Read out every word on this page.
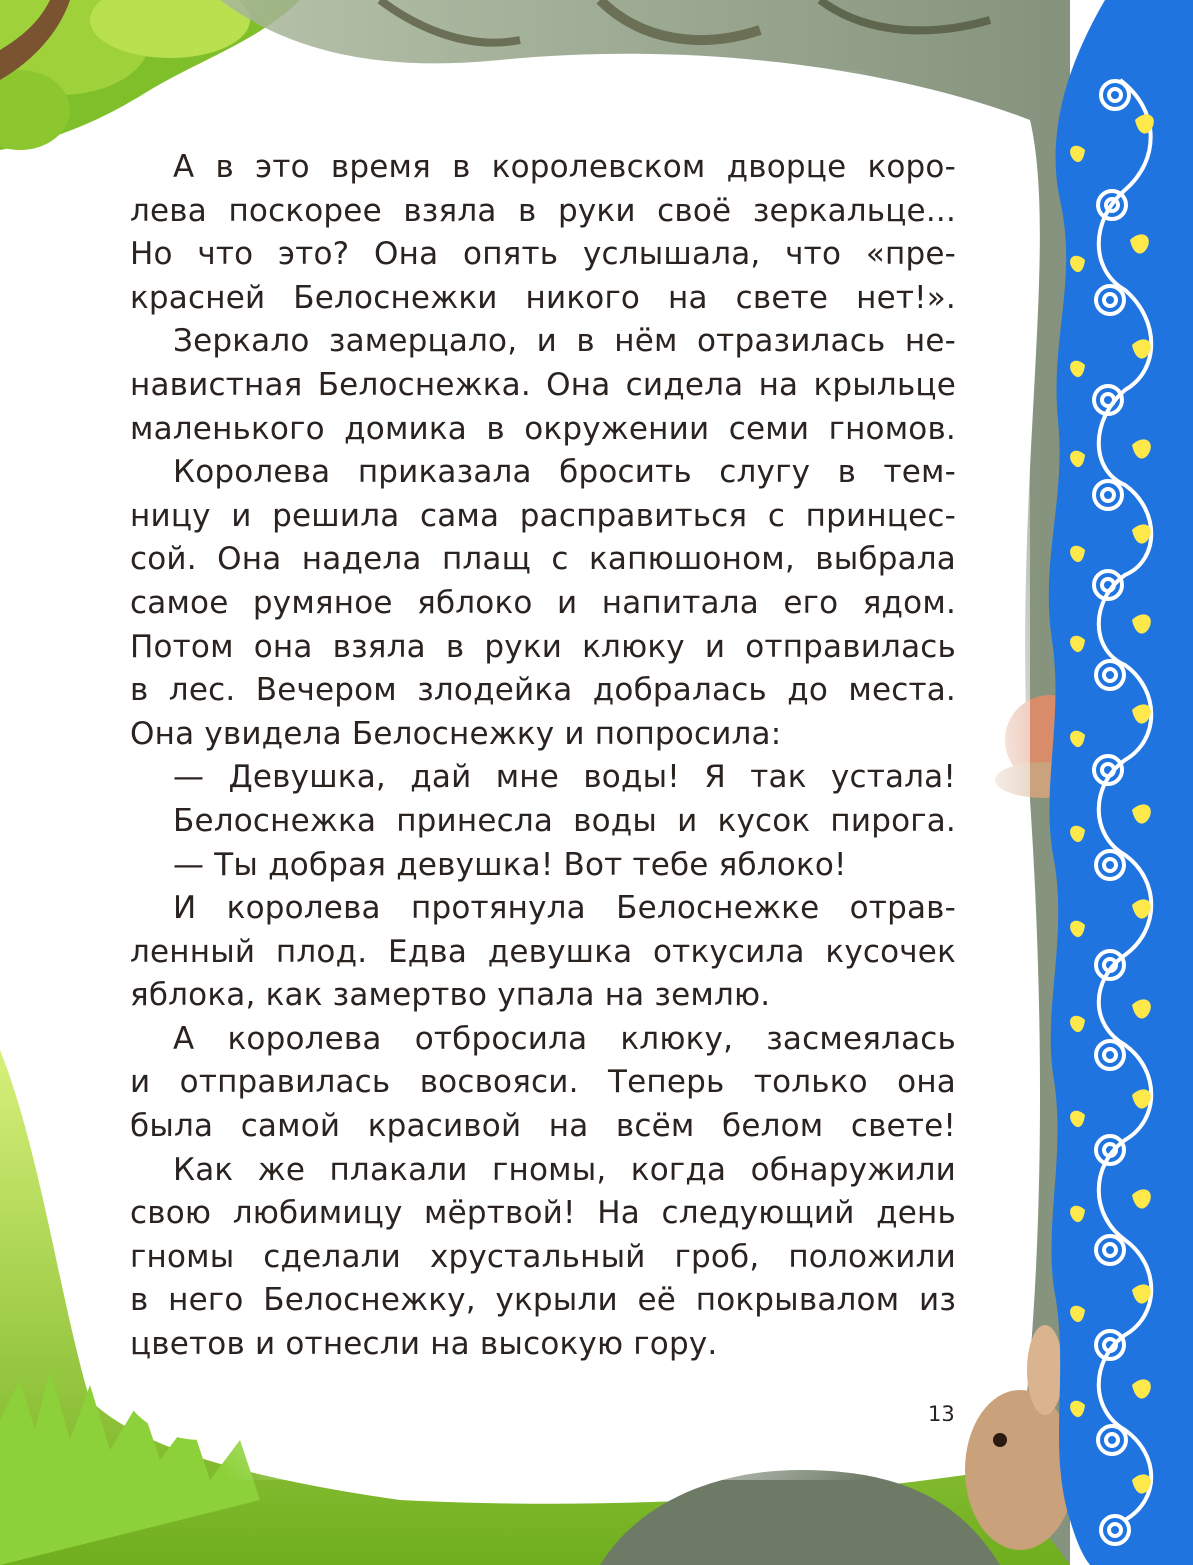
А в это время в королевском дворце коро-
лева поскорее взяла в руки своё зеркальце...
Но что это? Она опять услышала, что «пре-
красней Белоснежки никого на свете нет!».
Зеркало замерцало, и в нём отразилась не-
навистная Белоснежка. Она сидела на крыльце
маленького домика в окружении семи гномов.
Королева приказала бросить слугу в тем-
ницу и решила сама расправиться с принцес-
сой. Она надела плащ с капюшоном, выбрала
самое румяное яблоко и напитала его ядом.
Потом она взяла в руки клюку и отправилась
в лес. Вечером злодейка добралась до места.
Она увидела Белоснежку и попросила:
— Девушка, дай мне воды! Я так устала!
Белоснежка принесла воды и кусок пирога.
— Ты добрая девушка! Вот тебе яблоко!
И королева протянула Белоснежке отрав-
ленный плод. Едва девушка откусила кусочек
яблока, как замертво упала на землю.
А королева отбросила клюку, засмеялась
и отправилась восвояси. Теперь только она
была самой красивой на всём белом свете!
Как же плакали гномы, когда обнаружили
свою любимицу мёртвой! На следующий день
гномы сделали хрустальный гроб, положили
в него Белоснежку, укрыли её покрывалом из
цветов и отнесли на высокую гору.
13
